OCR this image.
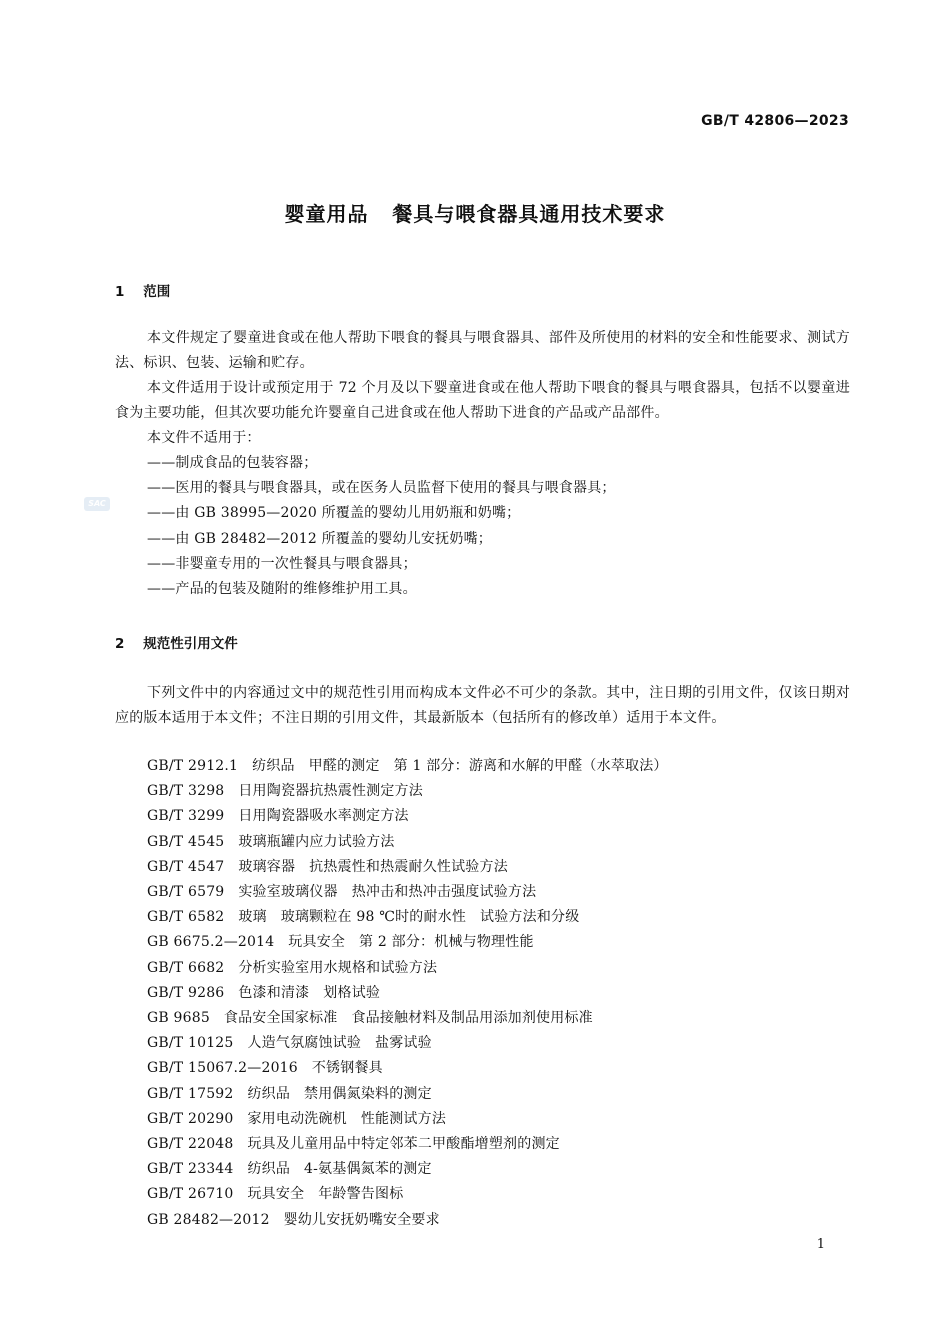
GB/T 42806—2023
婴童用品   餐具与喂食器具通用技术要求
1    范围

本文件规定了婴童进食或在他人帮助下喂食的餐具与喂食器具、部件及所使用的材料的安全和性能要求、测试方法、标识、包装、运输和贮存。

本文件适用于设计或预定用于 72 个月及以下婴童进食或在他人帮助下喂食的餐具与喂食器具，包括不以婴童进食为主要功能，但其次要功能允许婴童自己进食或在他人帮助下进食的产品或产品部件。

本文件不适用于：

——制成食品的包装容器；
——医用的餐具与喂食器具，或在医务人员监督下使用的餐具与喂食器具；
——由 GB 38995—2020 所覆盖的婴幼儿用奶瓶和奶嘴；
——由 GB 28482—2012 所覆盖的婴幼儿安抚奶嘴；
——非婴童专用的一次性餐具与喂食器具；
——产品的包装及随附的维修维护用工具。
SAC
2    规范性引用文件

下列文件中的内容通过文中的规范性引用而构成本文件必不可少的条款。其中，注日期的引用文件，仅该日期对应的版本适用于本文件；不注日期的引用文件，其最新版本（包括所有的修改单）适用于本文件。

GB/T 2912.1   纺织品   甲醛的测定   第 1 部分：游离和水解的甲醛（水萃取法）
GB/T 3298   日用陶瓷器抗热震性测定方法
GB/T 3299   日用陶瓷器吸水率测定方法
GB/T 4545   玻璃瓶罐内应力试验方法
GB/T 4547   玻璃容器   抗热震性和热震耐久性试验方法
GB/T 6579   实验室玻璃仪器   热冲击和热冲击强度试验方法
GB/T 6582   玻璃   玻璃颗粒在 98 ℃时的耐水性   试验方法和分级
GB 6675.2—2014   玩具安全   第 2 部分：机械与物理性能
GB/T 6682   分析实验室用水规格和试验方法
GB/T 9286   色漆和清漆   划格试验
GB 9685   食品安全国家标准   食品接触材料及制品用添加剂使用标准
GB/T 10125   人造气氛腐蚀试验   盐雾试验
GB/T 15067.2—2016   不锈钢餐具
GB/T 17592   纺织品   禁用偶氮染料的测定
GB/T 20290   家用电动洗碗机   性能测试方法
GB/T 22048   玩具及儿童用品中特定邻苯二甲酸酯增塑剂的测定
GB/T 23344   纺织品   4-氨基偶氮苯的测定
GB/T 26710   玩具安全   年龄警告图标
GB 28482—2012   婴幼儿安抚奶嘴安全要求
1
